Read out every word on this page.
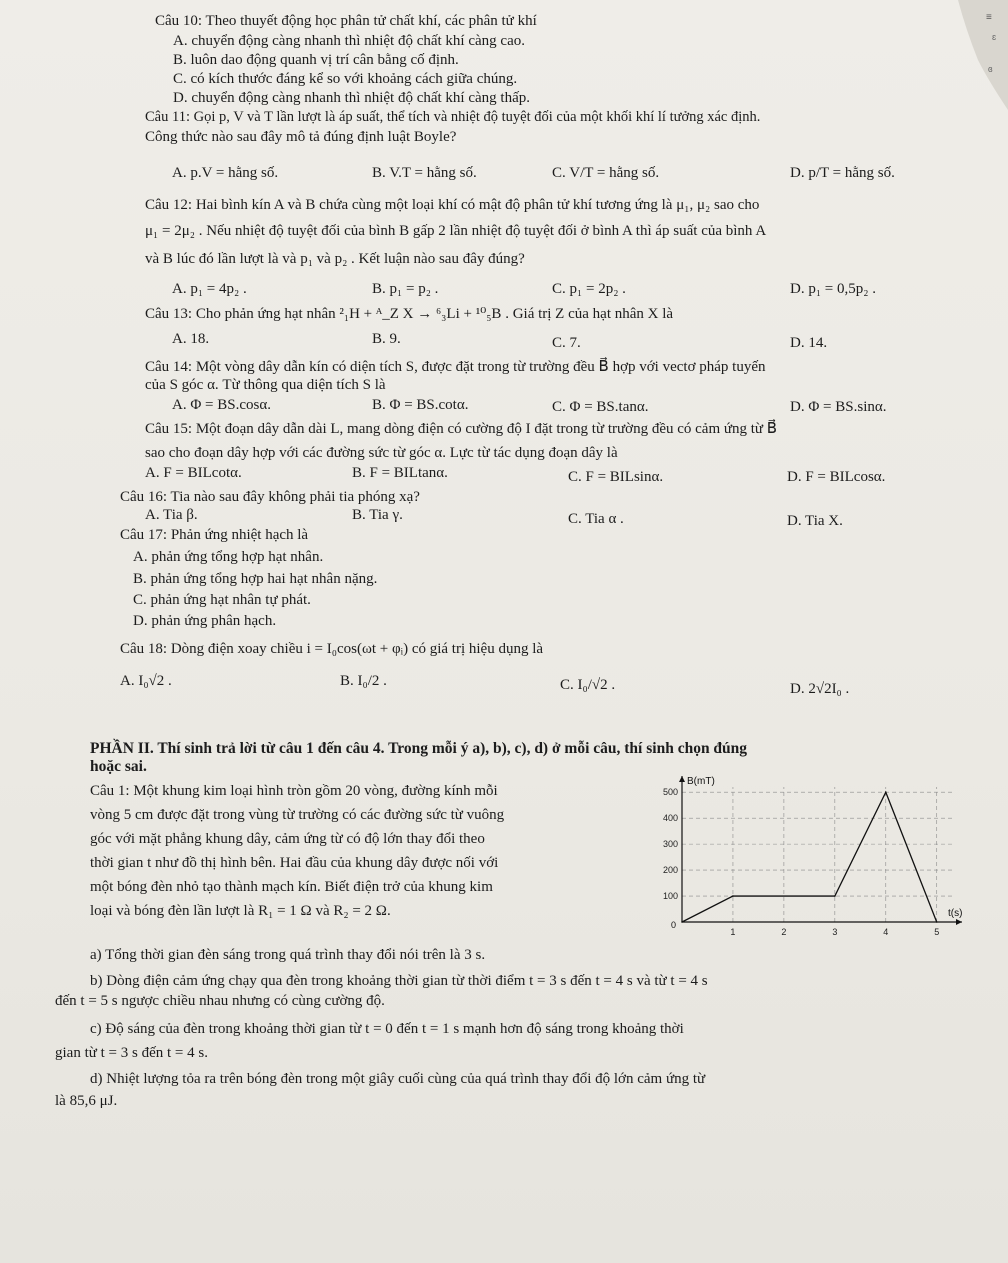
≡
ɛ
ɞ
Câu 10: Theo thuyết động học phân tử chất khí, các phân tử khí
A. chuyển động càng nhanh thì nhiệt độ chất khí càng cao.
B. luôn dao động quanh vị trí cân bằng cố định.
C. có kích thước đáng kể so với khoảng cách giữa chúng.
D. chuyển động càng nhanh thì nhiệt độ chất khí càng thấp.
Câu 11: Gọi p, V và T lần lượt là áp suất, thể tích và nhiệt độ tuyệt đối của một khối khí lí tưởng xác định.
Công thức nào sau đây mô tả đúng định luật Boyle?
A. p.V = hằng số.	B. V.T = hằng số.	C. V/T = hằng số.	D. p/T = hằng số.
Câu 12: Hai bình kín A và B chứa cùng một loại khí có mật độ phân tử khí tương ứng là μ₁, μ₂ sao cho
μ₁ = 2μ₂ . Nếu nhiệt độ tuyệt đối của bình B gấp 2 lần nhiệt độ tuyệt đối ở bình A thì áp suất của bình A
và B lúc đó lần lượt là và p₁ và p₂ . Kết luận nào sau đây đúng?
A. p₁ = 4p₂ .	B. p₁ = p₂ .	C. p₁ = 2p₂ .	D. p₁ = 0,5p₂ .
Câu 13: Cho phản ứng hạt nhân ²₁H + ᴬ_Z X → ⁶₃Li + ¹⁰₅B . Giá trị Z của hạt nhân X là
A. 18.	B. 9.	C. 7.	D. 14.
Câu 14: Một vòng dây dẫn kín có diện tích S, được đặt trong từ trường đều B⃗ hợp với vectơ pháp tuyến
của S góc α. Từ thông qua diện tích S là
A. Φ = BS.cosα.	B. Φ = BS.cotα.	C. Φ = BS.tanα.	D. Φ = BS.sinα.
Câu 15: Một đoạn dây dẫn dài L, mang dòng điện có cường độ I đặt trong từ trường đều có cảm ứng từ B⃗
sao cho đoạn dây hợp với các đường sức từ góc α. Lực từ tác dụng đoạn dây là
A. F = BILcotα.	B. F = BILtanα.	C. F = BILsinα.	D. F = BILcosα.
Câu 16: Tia nào sau đây không phải tia phóng xạ?
A. Tia β.	B. Tia γ.	C. Tia α .	D. Tia X.
Câu 17: Phản ứng nhiệt hạch là
A. phản ứng tổng hợp hạt nhân.
B. phản ứng tổng hợp hai hạt nhân nặng.
C. phản ứng hạt nhân tự phát.
D. phản ứng phân hạch.
Câu 18: Dòng điện xoay chiều i = I₀cos(ωt + φᵢ) có giá trị hiệu dụng là
A. I₀√2 .	B. I₀/2 .	C. I₀/√2 .	D. 2√2I₀ .
PHẦN II. Thí sinh trả lời từ câu 1 đến câu 4. Trong mỗi ý a), b), c), d) ở mỗi câu, thí sinh chọn đúng
hoặc sai.
Câu 1: Một khung kim loại hình tròn gồm 20 vòng, đường kính mỗi
vòng 5 cm được đặt trong vùng từ trường có các đường sức từ vuông
góc với mặt phẳng khung dây, cảm ứng từ có độ lớn thay đổi theo
thời gian t như đồ thị hình bên. Hai đầu của khung dây được nối với
một bóng đèn nhỏ tạo thành mạch kín. Biết điện trở của khung kim
loại và bóng đèn lần lượt là R₁ = 1 Ω và R₂ = 2 Ω.
100
200
300
400
500
1	2	3	4	5
B(mT)
t(s)
0
a) Tổng thời gian đèn sáng trong quá trình thay đổi nói trên là 3 s.
b) Dòng điện cảm ứng chạy qua đèn trong khoảng thời gian từ thời điểm t = 3 s đến t = 4 s và từ t = 4 s
đến t = 5 s ngược chiều nhau nhưng có cùng cường độ.
c) Độ sáng của đèn trong khoảng thời gian từ t = 0 đến t = 1 s mạnh hơn độ sáng trong khoảng thời
gian từ t = 3 s đến t = 4 s.
d) Nhiệt lượng tỏa ra trên bóng đèn trong một giây cuối cùng của quá trình thay đổi độ lớn cảm ứng từ
là 85,6 μJ.
